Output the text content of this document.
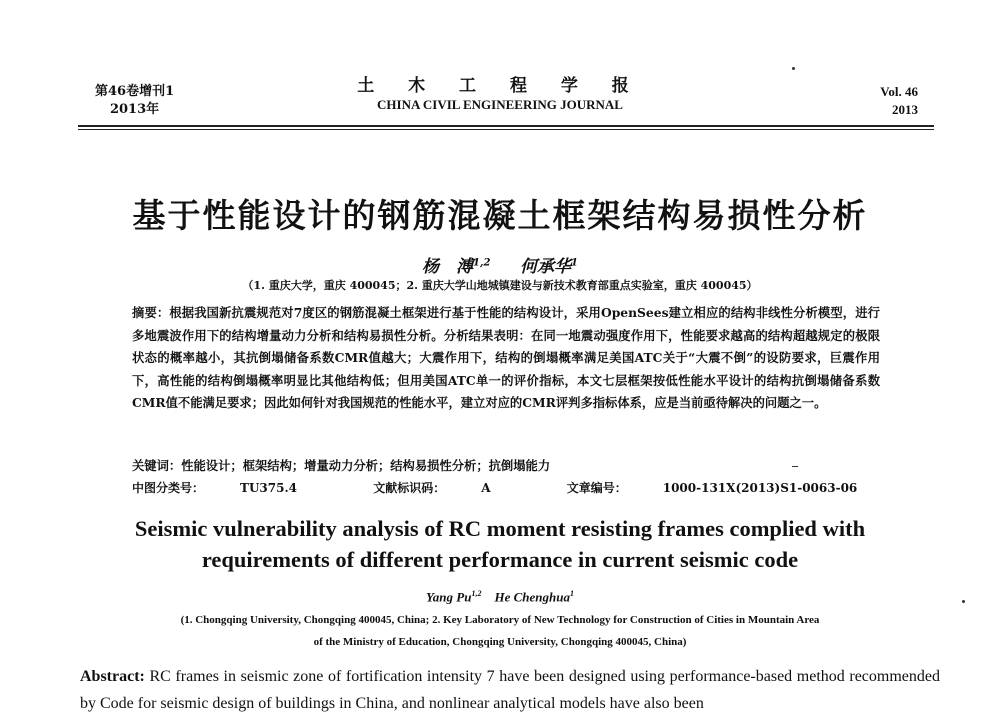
第46卷增刊1
2013年
土 木 工 程 学 报
CHINA CIVIL ENGINEERING JOURNAL
Vol. 46
2013
基于性能设计的钢筋混凝土框架结构易损性分析
杨　溥$^{1,2}$ 何承华$^1$
（1. 重庆大学，重庆 400045；2. 重庆大学山地城镇建设与新技术教育部重点实验室，重庆 400045）
摘要：根据我国新抗震规范对7度区的钢筋混凝土框架进行基于性能的结构设计，采用OpenSees建立相应的结构非线性分析模型，进行多地震波作用下的结构增量动力分析和结构易损性分析。分析结果表明：在同一地震动强度作用下，性能要求越高的结构超越规定的极限状态的概率越小，其抗倒塌储备系数CMR值越大；大震作用下，结构的倒塌概率满足美国ATC关于“大震不倒”的设防要求，巨震作用下，高性能的结构倒塌概率明显比其他结构低；但用美国ATC单一的评价指标，本文七层框架按低性能水平设计的结构抗倒塌储备系数CMR值不能满足要求；因此如何针对我国规范的性能水平，建立对应的CMR评判多指标体系，应是当前亟待解决的问题之一。
关键词：性能设计；框架结构；增量动力分析；结构易损性分析；抗倒塌能力
中图分类号：	TU375.4	文献标识码：	A	文章编号：	1000-131X(2013)S1-0063-06
Seismic vulnerability analysis of RC moment resisting frames complied with
requirements of different performance in current seismic code
Yang Pu$^{1,2}$ He Chenghua$^1$
(1. Chongqing University, Chongqing 400045, China; 2. Key Laboratory of New Technology for Construction of Cities in Mountain Area
of the Ministry of Education, Chongqing University, Chongqing 400045, China)
Abstract: RC frames in seismic zone of fortification intensity 7 have been designed using performance-based method recommended by Code for seismic design of buildings in China, and nonlinear analytical models have also been
